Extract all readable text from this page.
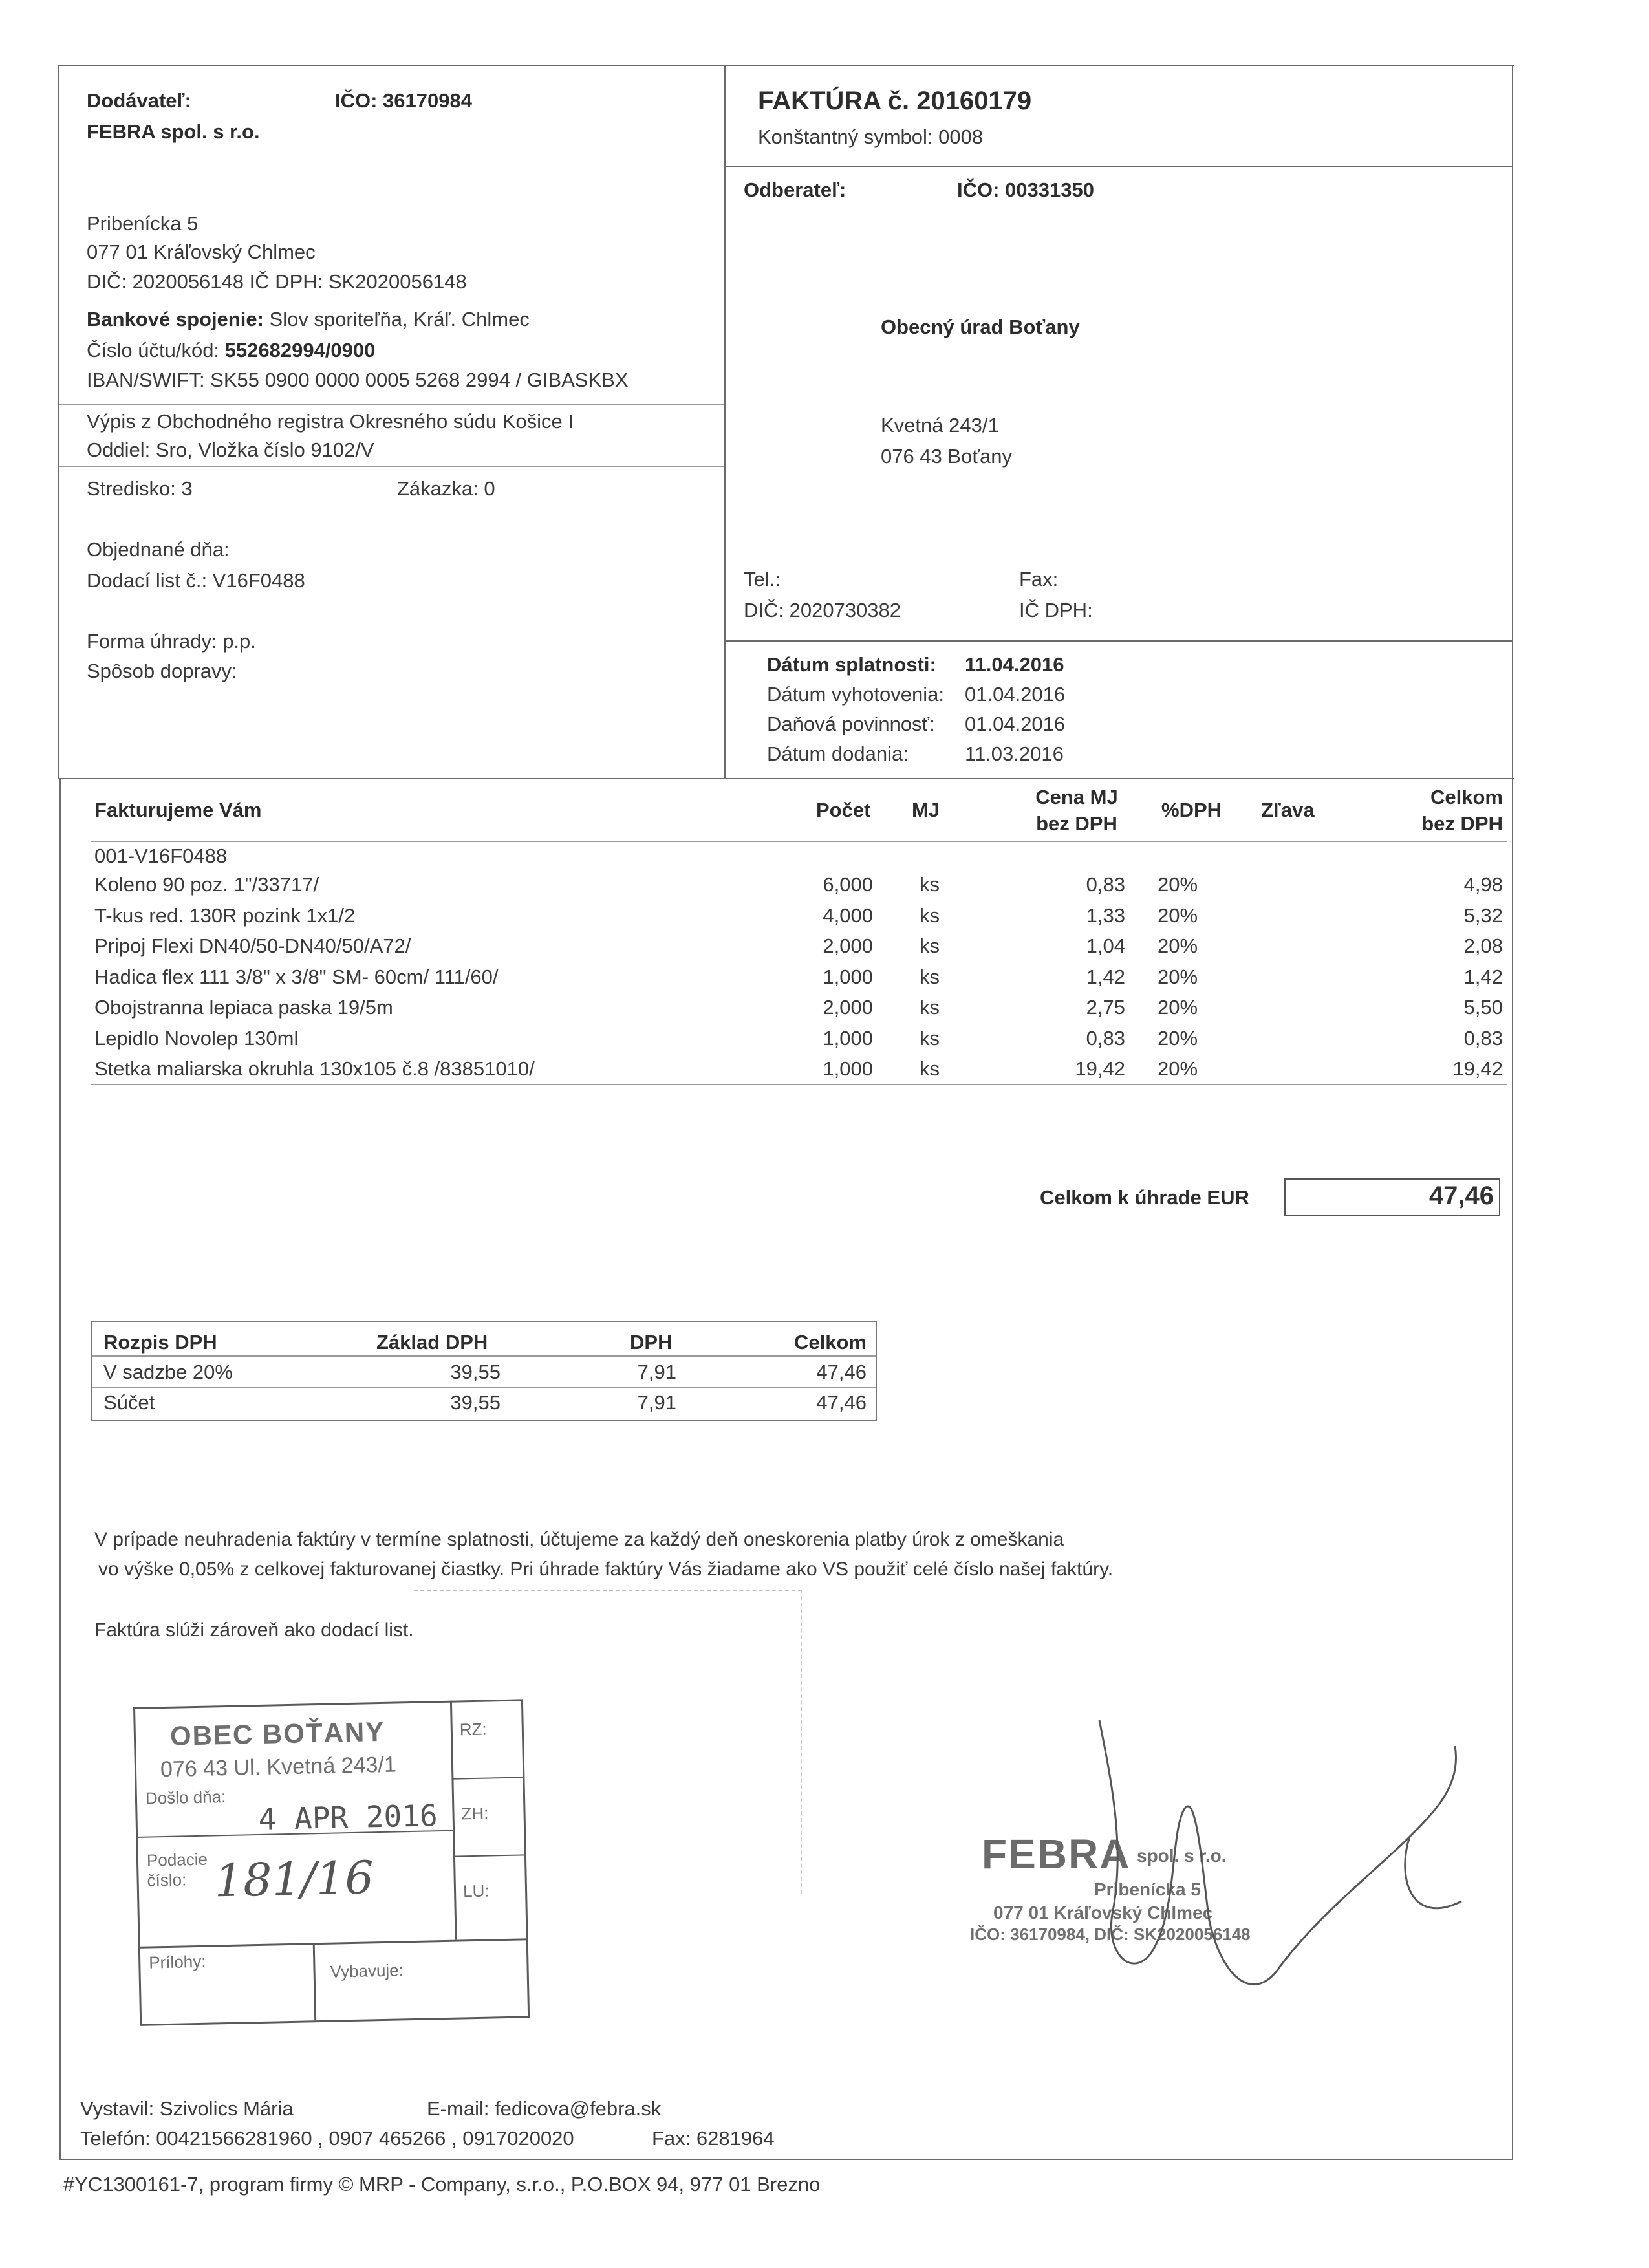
Dodávateľ:	IČO: 36170984
FEBRA spol. s r.o.
Pribenícka 5
077 01 Kráľovský Chlmec
DIČ: 2020056148 IČ DPH: SK2020056148
Bankové spojenie: Slov sporiteľňa, Kráľ. Chlmec
Číslo účtu/kód: 552682994/0900
IBAN/SWIFT: SK55 0900 0000 0005 5268 2994 / GIBASKBX
Výpis z Obchodného registra Okresného súdu Košice I
Oddiel: Sro, Vložka číslo 9102/V
Stredisko: 3	Zákazka: 0
Objednané dňa:
Dodací list č.: V16F0488
Forma úhrady: p.p.
Spôsob dopravy:
FAKTÚRA č. 20160179
Konštantný symbol: 0008
Odberateľ:	IČO: 00331350
Obecný úrad Boťany
Kvetná 243/1
076 43 Boťany
Tel.:	Fax:
DIČ: 2020730382	IČ DPH:
Dátum splatnosti: 11.04.2016
Dátum vyhotovenia: 01.04.2016
Daňová povinnosť: 01.04.2016
Dátum dodania:	11.03.2016
Fakturujeme Vám	Počet MJ
Cena MJ
bez DPH
%DPH Zľava
Celkom
bez DPH
001-V16F0488
Koleno 90 poz. 1"/33717/	6,000 ks	0,83 20%	4,98
T-kus red. 130R pozink 1x1/2	4,000 ks	1,33 20%	5,32
Pripoj Flexi DN40/50-DN40/50/A72/	2,000 ks	1,04 20%	2,08
Hadica flex 111 3/8" x 3/8" SM- 60cm/ 111/60/	1,000 ks	1,42 20%	1,42
Obojstranna lepiaca paska 19/5m	2,000 ks	2,75 20%	5,50
Lepidlo Novolep 130ml	1,000 ks	0,83 20%	0,83
Stetka maliarska okruhla 130x105 č.8 /83851010/	1,000 ks	19,42 20%	19,42
Celkom k úhrade EUR	47,46
Rozpis DPH	Základ DPH	DPH	Celkom
V sadzbe 20%	39,55	7,91	47,46
Súčet	39,55	7,91	47,46
V prípade neuhradenia faktúry v termíne splatnosti, účtujeme za každý deň oneskorenia platby úrok z omeškania
vo výške 0,05% z celkovej fakturovanej čiastky. Pri úhrade faktúry Vás žiadame ako VS použiť celé číslo našej faktúry.
Faktúra slúži zároveň ako dodací list.
OBEC BOŤANY
076 43 Ul. Kvetná 243/1
RZ:
Došlo dňa:
4 APR 2016 ZH:
Podacie
číslo: 181/16	LU:
Prílohy:	Vybavuje:
FEBRA spol. s r.o.
Pribenícka 5
077 01 Kráľovský Chlmec
IČO: 36170984, DIČ: SK2020056148
Vystavil: Szivolics Mária	E-mail: fedicova@febra.sk
Telefón: 00421566281960 , 0907 465266 , 0917020020	Fax: 6281964
#YC1300161-7, program firmy © MRP - Company, s.r.o., P.O.BOX 94, 977 01 Brezno
